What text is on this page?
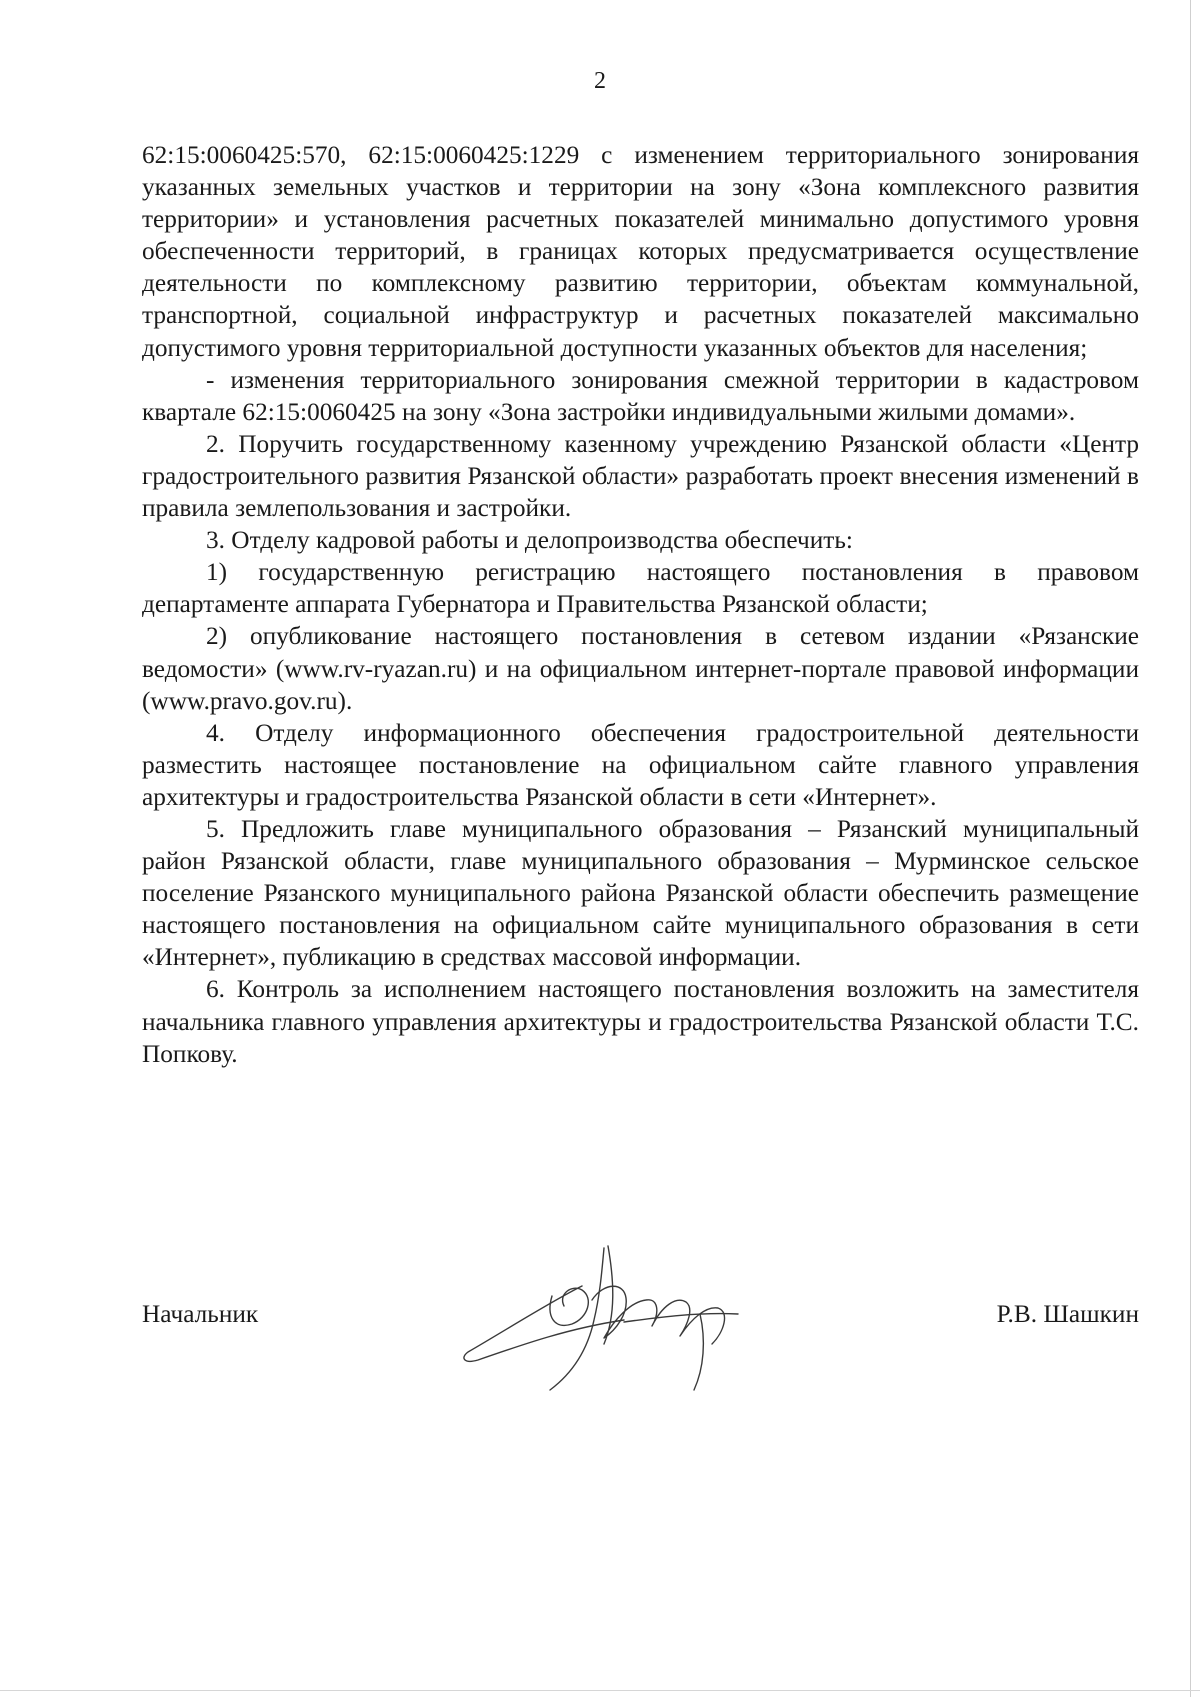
2

62:15:0060425:570, 62:15:0060425:1229 с изменением территориального зонирования указанных земельных участков и территории на зону «Зона комплексного развития территории» и установления расчетных показателей минимально допустимого уровня обеспеченности территорий, в границах которых предусматривается осуществление деятельности по комплексному развитию территории, объектам коммунальной, транспортной, социальной инфраструктур и расчетных показателей максимально допустимого уровня территориальной доступности указанных объектов для населения;

- изменения территориального зонирования смежной территории в кадастровом квартале 62:15:0060425 на зону «Зона застройки индивидуальными жилыми домами».

2. Поручить государственному казенному учреждению Рязанской области «Центр градостроительного развития Рязанской области» разработать проект внесения изменений в правила землепользования и застройки.

3. Отделу кадровой работы и делопроизводства обеспечить:

1) государственную регистрацию настоящего постановления в правовом департаменте аппарата Губернатора и Правительства Рязанской области;

2) опубликование настоящего постановления в сетевом издании «Рязанские ведомости» (www.rv-ryazan.ru) и на официальном интернет-портале правовой информации (www.pravo.gov.ru).

4. Отделу информационного обеспечения градостроительной деятельности разместить настоящее постановление на официальном сайте главного управления архитектуры и градостроительства Рязанской области в сети «Интернет».

5. Предложить главе муниципального образования – Рязанский муниципальный район Рязанской области, главе муниципального образования – Мурминское сельское поселение Рязанского муниципального района Рязанской области обеспечить размещение настоящего постановления на официальном сайте муниципального образования в сети «Интернет», публикацию в средствах массовой информации.

6. Контроль за исполнением настоящего постановления возложить на заместителя начальника главного управления архитектуры и градостроительства Рязанской области Т.С. Попкову.

Начальник	Р.В. Шашкин
